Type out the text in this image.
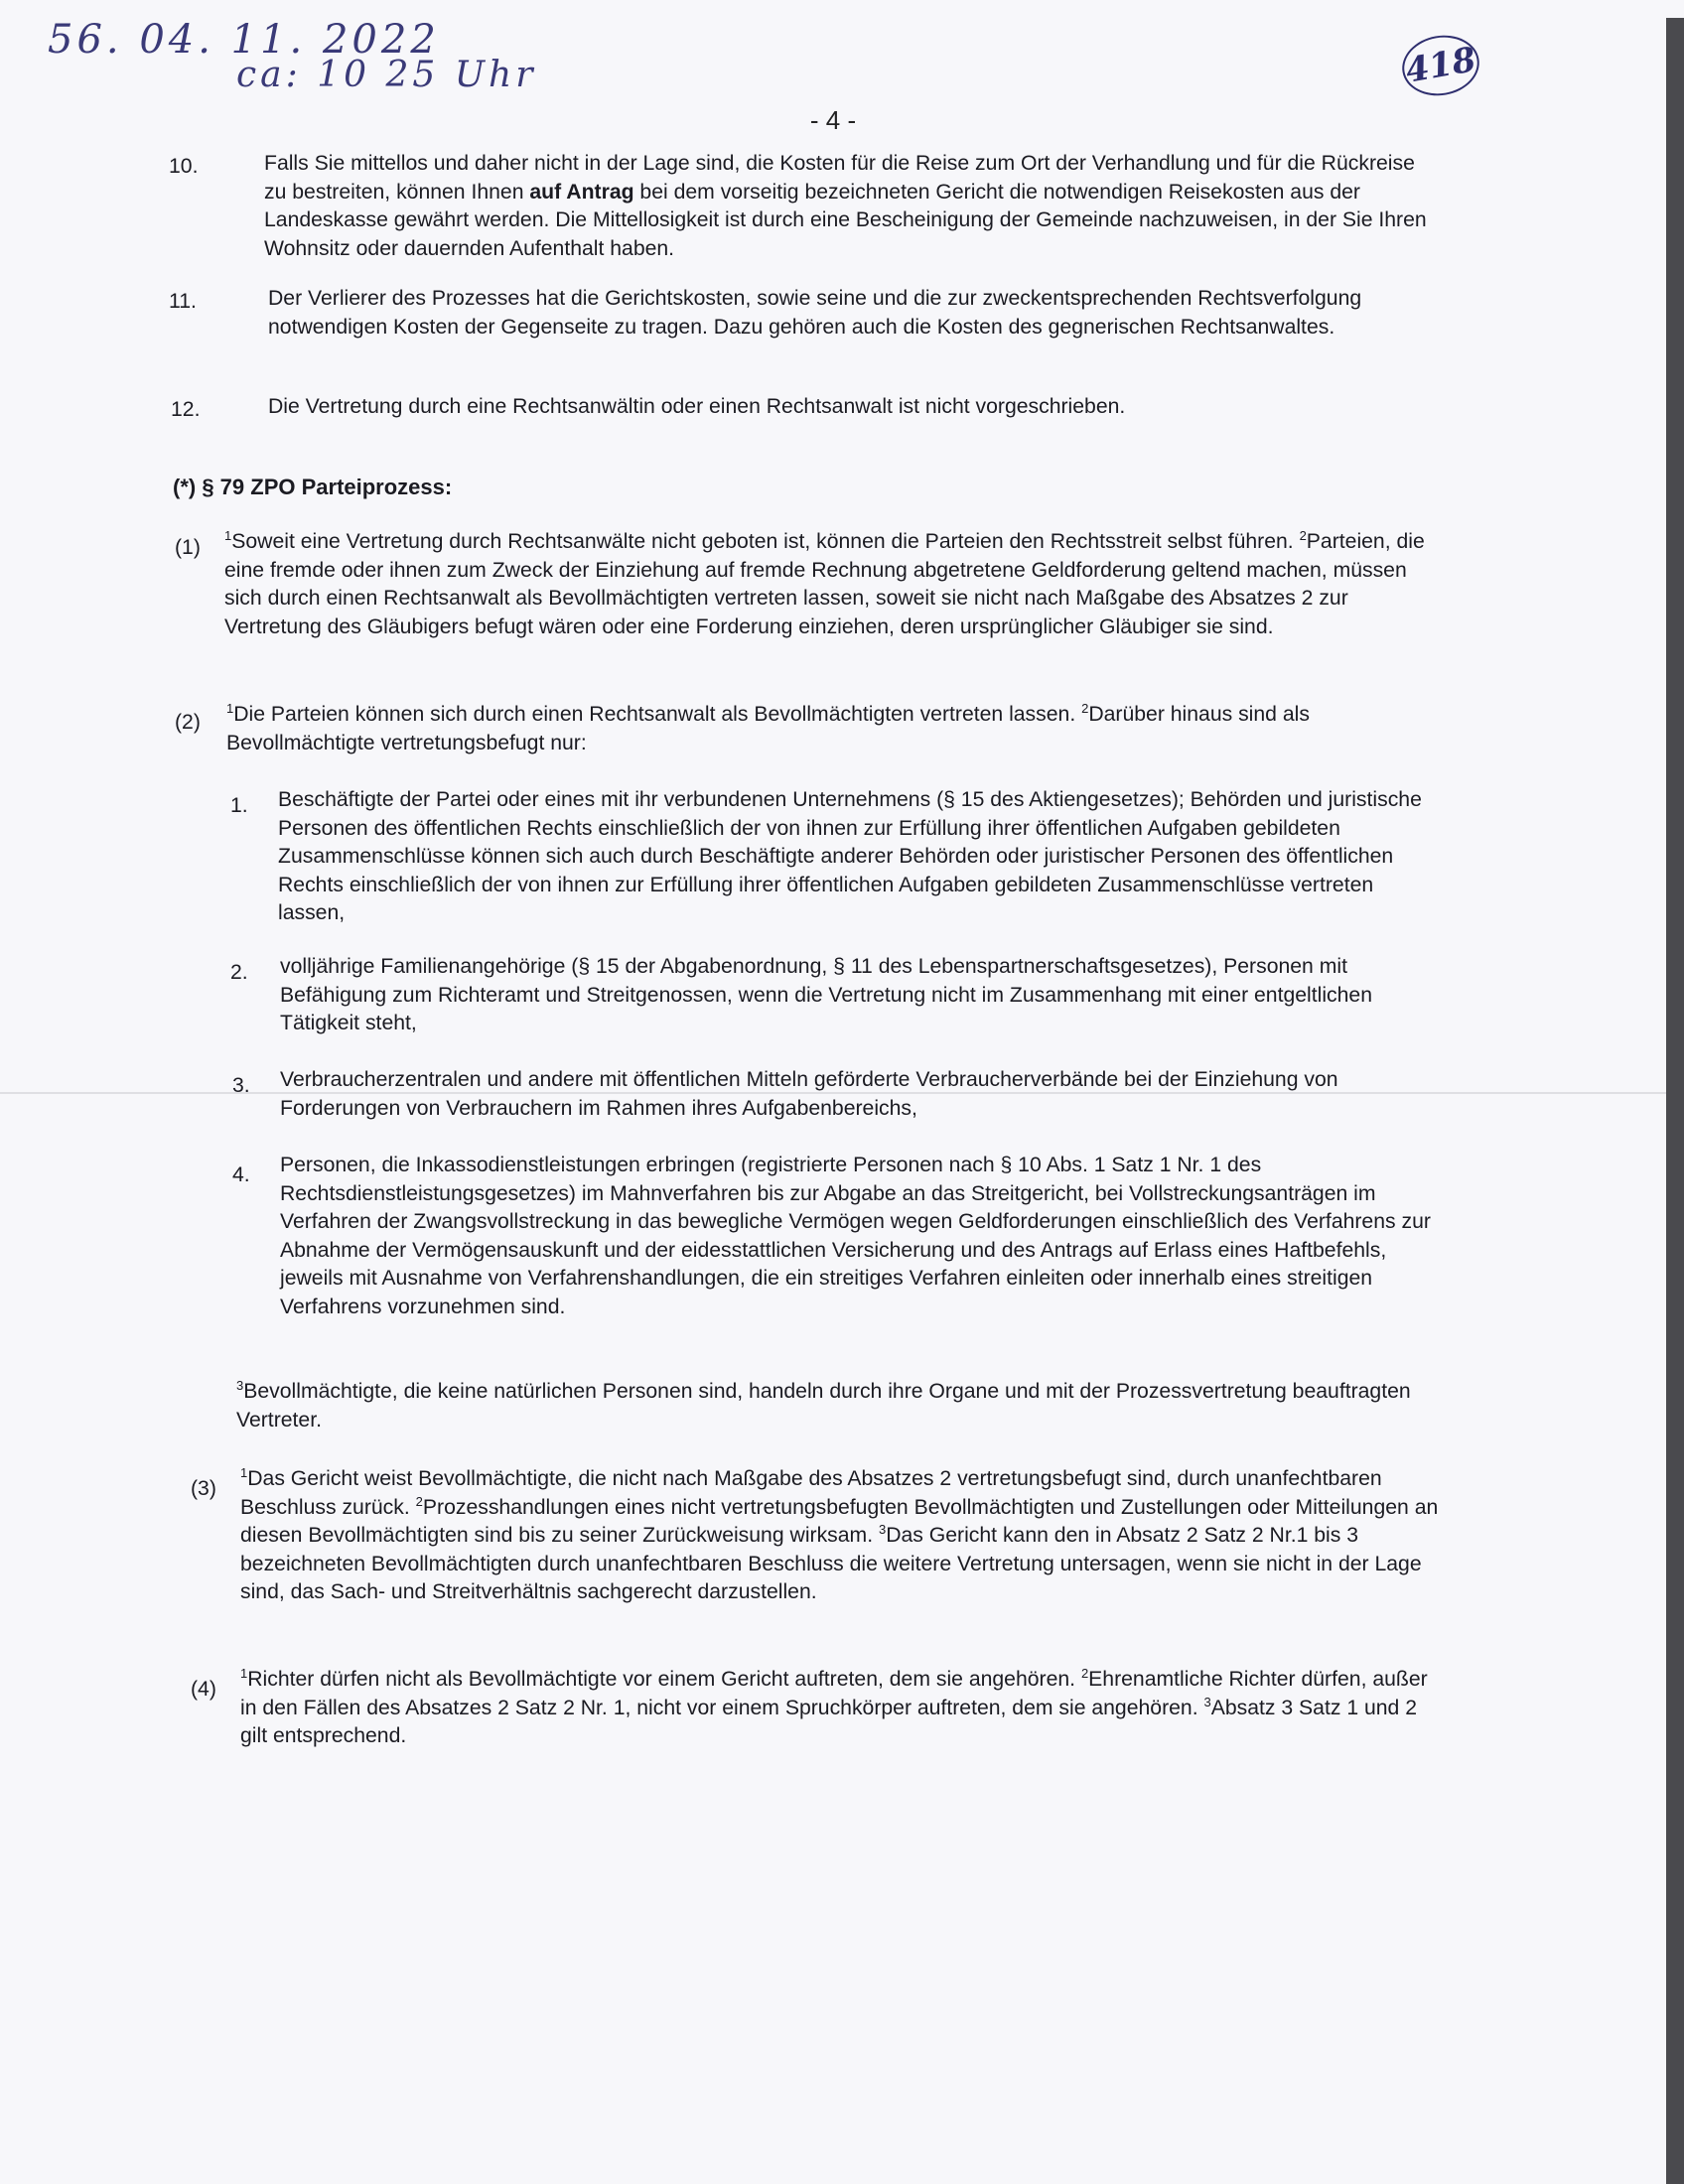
56. 04. 11. 2022
ca: 10 25 Uhr	418
- 4 -
10.	Falls Sie mittellos und daher nicht in der Lage sind, die Kosten für die Reise zum Ort der Verhandlung und für die Rückreise zu bestreiten, können Ihnen auf Antrag bei dem vorseitig bezeichneten Gericht die notwendigen Reisekosten aus der Landeskasse gewährt werden. Die Mittellosigkeit ist durch eine Bescheinigung der Gemeinde nachzuweisen, in der Sie Ihren Wohnsitz oder dauernden Aufenthalt haben.
11.	Der Verlierer des Prozesses hat die Gerichtskosten, sowie seine und die zur zweckentsprechenden Rechtsverfolgung notwendigen Kosten der Gegenseite zu tragen. Dazu gehören auch die Kosten des gegnerischen Rechtsanwaltes.
12.	Die Vertretung durch eine Rechtsanwältin oder einen Rechtsanwalt ist nicht vorgeschrieben.
(*) § 79 ZPO Parteiprozess:
(1)
$^1$Soweit eine Vertretung durch Rechtsanwälte nicht geboten ist, können die Parteien den Rechtsstreit selbst führen. $^2$Parteien, die eine fremde oder ihnen zum Zweck der Einziehung auf fremde Rechnung abgetretene Geldforderung geltend machen, müssen sich durch einen Rechtsanwalt als Bevollmächtigten vertreten lassen, soweit sie nicht nach Maßgabe des Absatzes 2 zur Vertretung des Gläubigers befugt wären oder eine Forderung einziehen, deren ursprünglicher Gläubiger sie sind.
(2)
$^1$Die Parteien können sich durch einen Rechtsanwalt als Bevollmächtigten vertreten lassen. $^2$Darüber hinaus sind als Bevollmächtigte vertretungsbefugt nur:
1. Beschäftigte der Partei oder eines mit ihr verbundenen Unternehmens (§ 15 des Aktiengesetzes); Behörden und juristische Personen des öffentlichen Rechts einschließlich der von ihnen zur Erfüllung ihrer öffentlichen Aufgaben gebildeten Zusammenschlüsse können sich auch durch Beschäftigte anderer Behörden oder juristischer Personen des öffentlichen Rechts einschließlich der von ihnen zur Erfüllung ihrer öffentlichen Aufgaben gebildeten Zusammenschlüsse vertreten lassen,
2. volljährige Familienangehörige (§ 15 der Abgabenordnung, § 11 des Lebenspartnerschaftsgesetzes), Personen mit Befähigung zum Richteramt und Streitgenossen, wenn die Vertretung nicht im Zusammenhang mit einer entgeltlichen Tätigkeit steht,
3. Verbraucherzentralen und andere mit öffentlichen Mitteln geförderte Verbraucherverbände bei der Einziehung von Forderungen von Verbrauchern im Rahmen ihres Aufgabenbereichs,
4. Personen, die Inkassodienstleistungen erbringen (registrierte Personen nach § 10 Abs. 1 Satz 1 Nr. 1 des Rechtsdienstleistungsgesetzes) im Mahnverfahren bis zur Abgabe an das Streitgericht, bei Vollstreckungsanträgen im Verfahren der Zwangsvollstreckung in das bewegliche Vermögen wegen Geldforderungen einschließlich des Verfahrens zur Abnahme der Vermögensauskunft und der eidesstattlichen Versicherung und des Antrags auf Erlass eines Haftbefehls, jeweils mit Ausnahme von Verfahrenshandlungen, die ein streitiges Verfahren einleiten oder innerhalb eines streitigen Verfahrens vorzunehmen sind.
$^3$Bevollmächtigte, die keine natürlichen Personen sind, handeln durch ihre Organe und mit der Prozessvertretung beauftragten Vertreter.
(3)
$^1$Das Gericht weist Bevollmächtigte, die nicht nach Maßgabe des Absatzes 2 vertretungsbefugt sind, durch unanfechtbaren Beschluss zurück. $^2$Prozesshandlungen eines nicht vertretungsbefugten Bevollmächtigten und Zustellungen oder Mitteilungen an diesen Bevollmächtigten sind bis zu seiner Zurückweisung wirksam. $^3$Das Gericht kann den in Absatz 2 Satz 2 Nr.1 bis 3 bezeichneten Bevollmächtigten durch unanfechtbaren Beschluss die weitere Vertretung untersagen, wenn sie nicht in der Lage sind, das Sach- und Streitverhältnis sachgerecht darzustellen.
(4)
$^1$Richter dürfen nicht als Bevollmächtigte vor einem Gericht auftreten, dem sie angehören. $^2$Ehrenamtliche Richter dürfen, außer in den Fällen des Absatzes 2 Satz 2 Nr. 1, nicht vor einem Spruchkörper auftreten, dem sie angehören. $^3$Absatz 3 Satz 1 und 2 gilt entsprechend.
